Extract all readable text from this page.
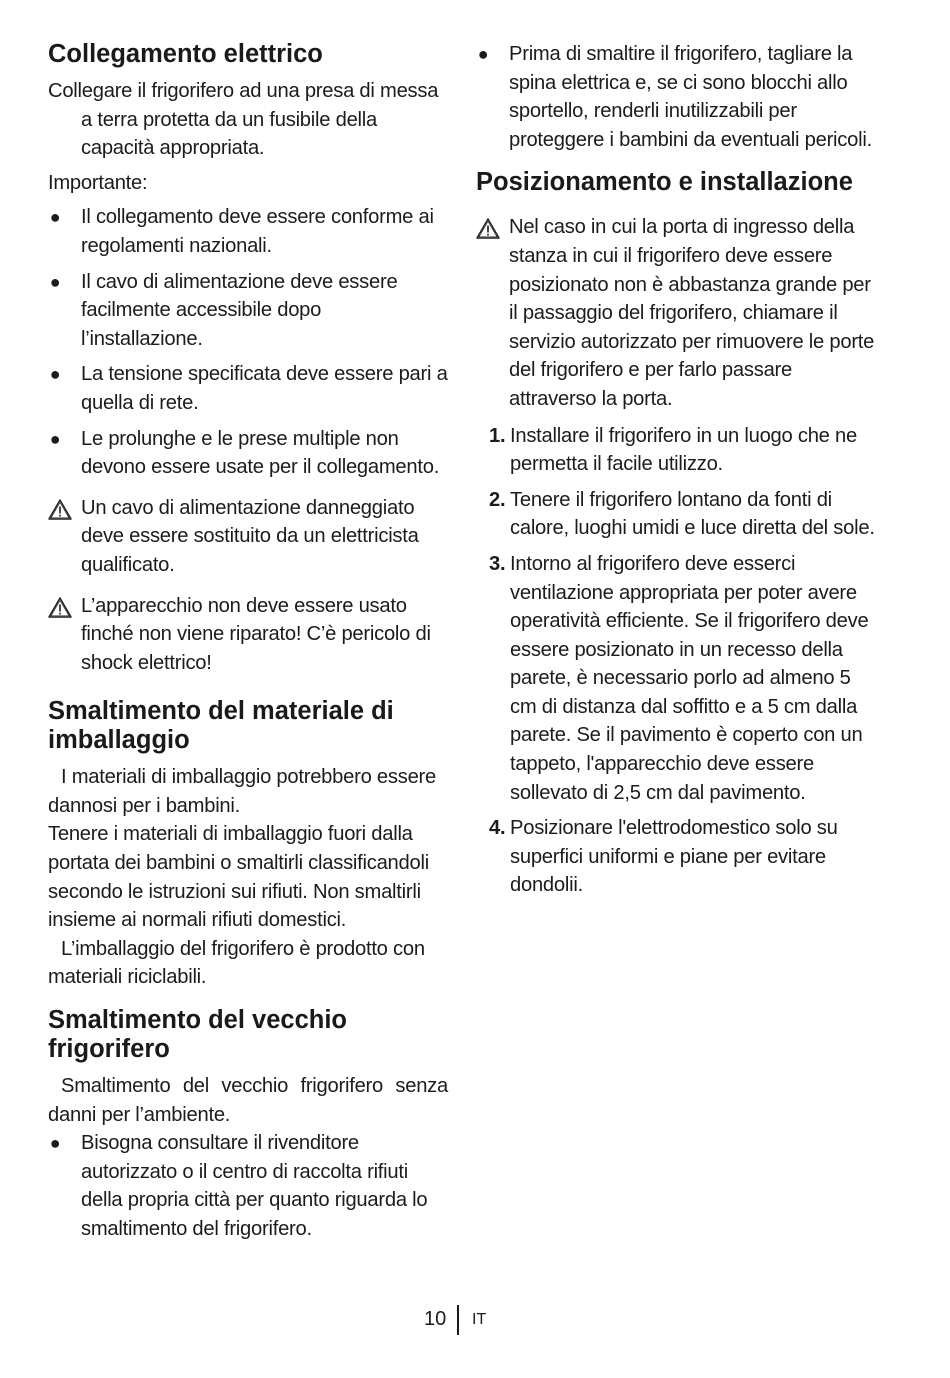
Collegamento elettrico

Collegare il frigorifero ad una presa di messa a terra protetta da un fusibile della capacità appropriata.

Importante:

● Il collegamento deve essere conforme ai regolamenti nazionali.
● Il cavo di alimentazione deve essere facilmente accessibile dopo l’installazione.
● La tensione specificata deve essere pari a quella di rete.
● Le prolunghe e le prese multiple non devono essere usate per il collegamento.
Un cavo di alimentazione danneggiato deve essere sostituito da un elettricista qualificato.
L’apparecchio non deve essere usato finché non viene riparato! C’è pericolo di shock elettrico!
Smaltimento del materiale di imballaggio

I materiali di imballaggio potrebbero essere dannosi per i bambini.

Tenere i materiali di imballaggio fuori dalla portata dei bambini o smaltirli classificandoli secondo le istruzioni sui rifiuti. Non smaltirli insieme ai normali rifiuti domestici.

L’imballaggio del frigorifero è prodotto con materiali riciclabili.

Smaltimento del vecchio frigorifero

Smaltimento del vecchio frigorifero senza danni per l’ambiente.

● Bisogna consultare il rivenditore autorizzato o il centro di raccolta rifiuti della propria città per quanto riguarda lo smaltimento del frigorifero.
● Prima di smaltire il frigorifero, tagliare la spina elettrica e, se ci sono blocchi allo sportello, renderli inutilizzabili per proteggere i bambini da eventuali pericoli.
Posizionamento e installazione
Nel caso in cui la porta di ingresso della stanza in cui il frigorifero deve essere posizionato non è abbastanza grande per il passaggio del frigorifero, chiamare il servizio autorizzato per rimuovere le porte del frigorifero e per farlo passare attraverso la porta.
1. Installare il frigorifero in un luogo che ne permetta il facile utilizzo.
2. Tenere il frigorifero lontano da fonti di calore, luoghi umidi e luce diretta del sole.
3. Intorno al frigorifero deve esserci ventilazione appropriata per poter avere operatività efficiente. Se il frigorifero deve essere posizionato in un recesso della parete, è necessario porlo ad almeno 5 cm di distanza dal soffitto e a 5 cm dalla parete. Se il pavimento è coperto con un tappeto, l'apparecchio deve essere sollevato di 2,5 cm dal pavimento.
4. Posizionare l'elettrodomestico solo su superfici uniformi e piane per evitare dondolii.
10 IT
